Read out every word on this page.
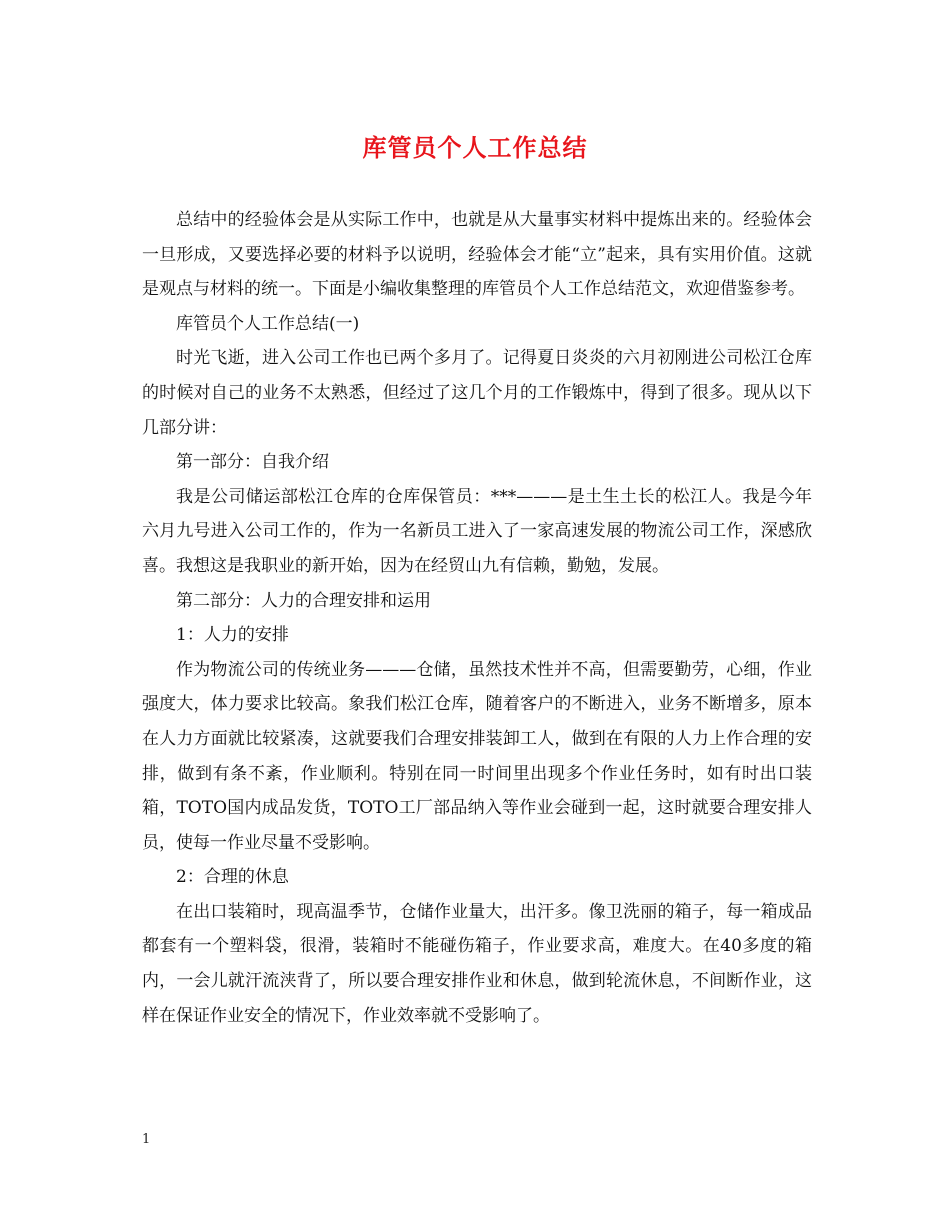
库管员个人工作总结

总结中的经验体会是从实际工作中，也就是从大量事实材料中提炼出来的。经验体会一旦形成，又要选择必要的材料予以说明，经验体会才能“立”起来，具有实用价值。这就是观点与材料的统一。下面是小编收集整理的库管员个人工作总结范文，欢迎借鉴参考。

库管员个人工作总结(一)

时光飞逝，进入公司工作也已两个多月了。记得夏日炎炎的六月初刚进公司松江仓库的时候对自己的业务不太熟悉，但经过了这几个月的工作锻炼中，得到了很多。现从以下几部分讲：

第一部分：自我介绍

我是公司储运部松江仓库的仓库保管员：***———是土生土长的松江人。我是今年六月九号进入公司工作的，作为一名新员工进入了一家高速发展的物流公司工作，深感欣喜。我想这是我职业的新开始，因为在经贸山九有信赖，勤勉，发展。

第二部分：人力的合理安排和运用

1：人力的安排

作为物流公司的传统业务———仓储，虽然技术性并不高，但需要勤劳，心细，作业强度大，体力要求比较高。象我们松江仓库，随着客户的不断进入，业务不断增多，原本在人力方面就比较紧凑，这就要我们合理安排装卸工人，做到在有限的人力上作合理的安排，做到有条不紊，作业顺利。特别在同一时间里出现多个作业任务时，如有时出口装箱，TOTO国内成品发货，TOTO工厂部品纳入等作业会碰到一起，这时就要合理安排人员，使每一作业尽量不受影响。

2：合理的休息

在出口装箱时，现高温季节，仓储作业量大，出汗多。像卫洗丽的箱子，每一箱成品都套有一个塑料袋，很滑，装箱时不能碰伤箱子，作业要求高，难度大。在40多度的箱内，一会儿就汗流浃背了，所以要合理安排作业和休息，做到轮流休息，不间断作业，这样在保证作业安全的情况下，作业效率就不受影响了。

1
